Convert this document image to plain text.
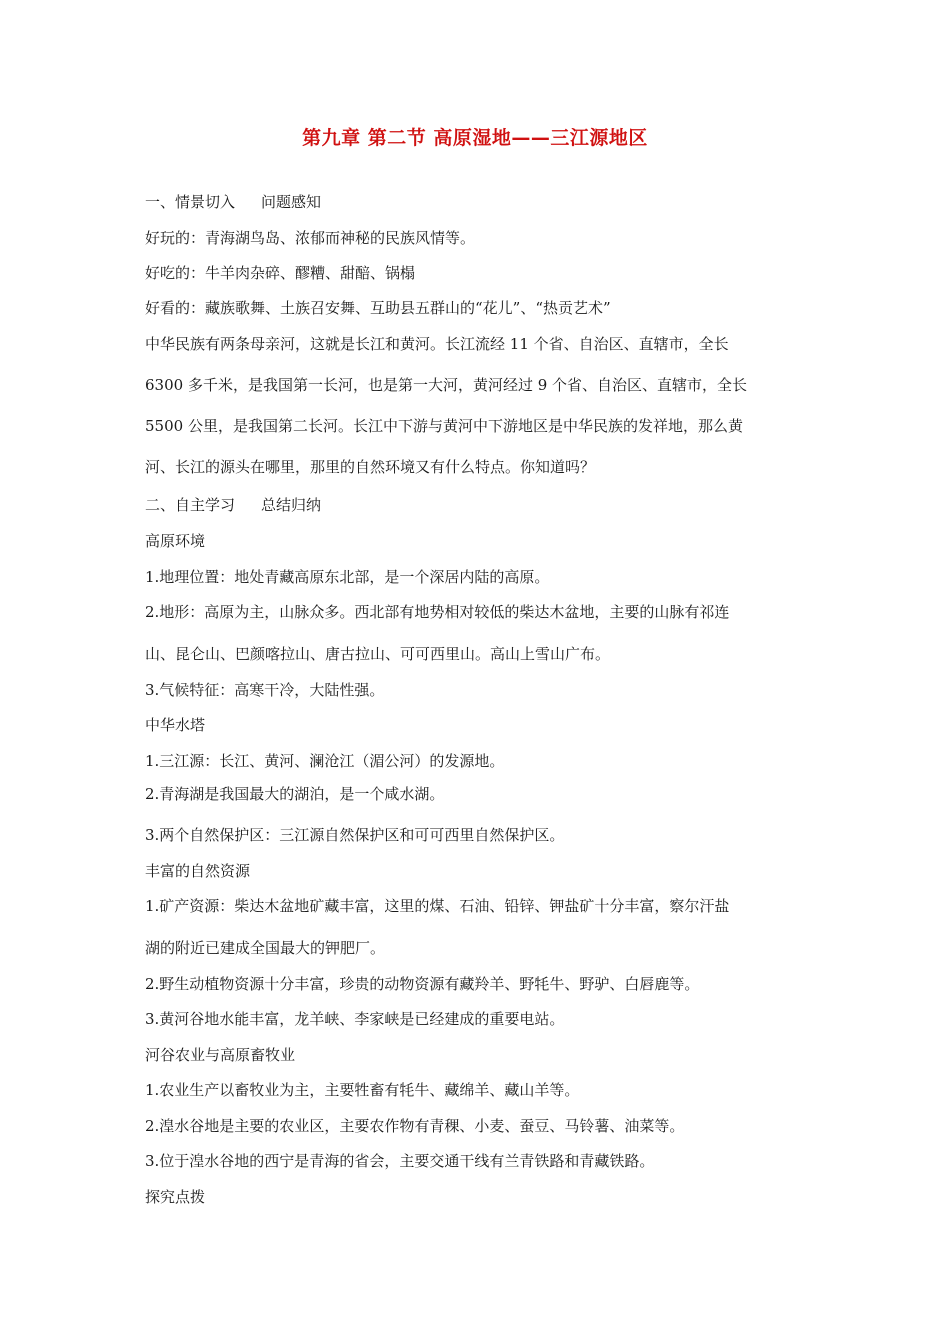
第九章 第二节 高原湿地——三江源地区
一、情景切入 问题感知
好玩的：青海湖鸟岛、浓郁而神秘的民族风情等。
好吃的：牛羊肉杂碎、醪糟、甜醅、锅榻
好看的：藏族歌舞、土族召安舞、互助县五群山的“花儿”、“热贡艺术”
中华民族有两条母亲河，这就是长江和黄河。长江流经 11 个省、自治区、直辖市，全长
6300 多千米，是我国第一长河，也是第一大河，黄河经过 9 个省、自治区、直辖市，全长
5500 公里，是我国第二长河。长江中下游与黄河中下游地区是中华民族的发祥地，那么黄
河、长江的源头在哪里，那里的自然环境又有什么特点。你知道吗？
二、自主学习 总结归纳
高原环境
1.地理位置：地处青藏高原东北部，是一个深居内陆的高原。
2.地形：高原为主，山脉众多。西北部有地势相对较低的柴达木盆地，主要的山脉有祁连
山、昆仑山、巴颜喀拉山、唐古拉山、可可西里山。高山上雪山广布。
3.气候特征：高寒干冷，大陆性强。
中华水塔
1.三江源：长江、黄河、澜沧江（湄公河）的发源地。
2.青海湖是我国最大的湖泊，是一个咸水湖。
3.两个自然保护区：三江源自然保护区和可可西里自然保护区。
丰富的自然资源
1.矿产资源：柴达木盆地矿藏丰富，这里的煤、石油、铅锌、钾盐矿十分丰富，察尔汗盐
湖的附近已建成全国最大的钾肥厂。
2.野生动植物资源十分丰富，珍贵的动物资源有藏羚羊、野牦牛、野驴、白唇鹿等。
3.黄河谷地水能丰富，龙羊峡、李家峡是已经建成的重要电站。
河谷农业与高原畜牧业
1.农业生产以畜牧业为主，主要牲畜有牦牛、藏绵羊、藏山羊等。
2.湟水谷地是主要的农业区，主要农作物有青稞、小麦、蚕豆、马铃薯、油菜等。
3.位于湟水谷地的西宁是青海的省会，主要交通干线有兰青铁路和青藏铁路。
探究点拨
